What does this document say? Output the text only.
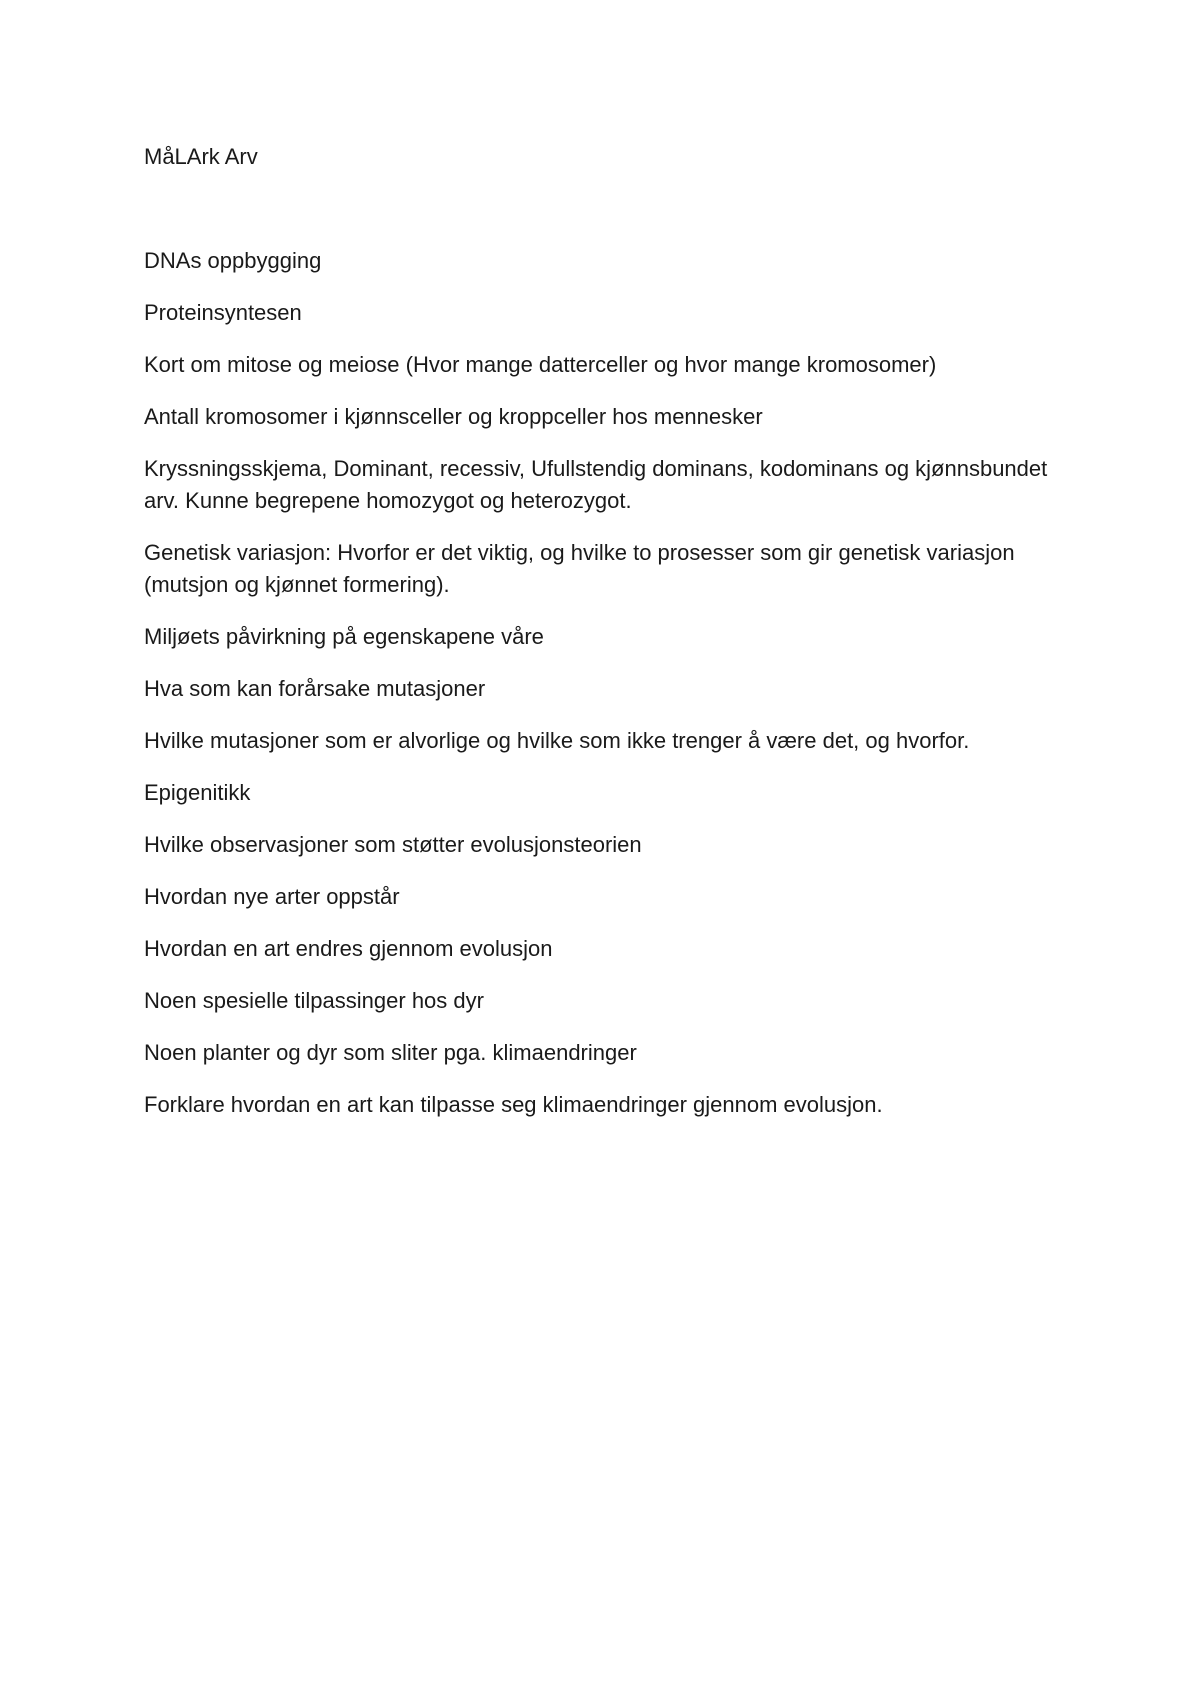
MåLArk Arv

DNAs oppbygging
Proteinsyntesen
Kort om mitose og meiose (Hvor mange datterceller og hvor mange kromosomer)
Antall kromosomer i kjønnsceller og kroppceller hos mennesker
Kryssningsskjema, Dominant, recessiv, Ufullstendig dominans, kodominans og kjønnsbundet arv. Kunne begrepene homozygot og heterozygot.
Genetisk variasjon: Hvorfor er det viktig, og hvilke to prosesser som gir genetisk variasjon (mutsjon og kjønnet formering).
Miljøets påvirkning på egenskapene våre
Hva som kan forårsake mutasjoner
Hvilke mutasjoner som er alvorlige og hvilke som ikke trenger å være det, og hvorfor.
Epigenitikk
Hvilke observasjoner som støtter evolusjonsteorien
Hvordan nye arter oppstår
Hvordan en art endres gjennom evolusjon
Noen spesielle tilpassinger hos dyr
Noen planter og dyr som sliter pga. klimaendringer
Forklare hvordan en art kan tilpasse seg klimaendringer gjennom evolusjon.
